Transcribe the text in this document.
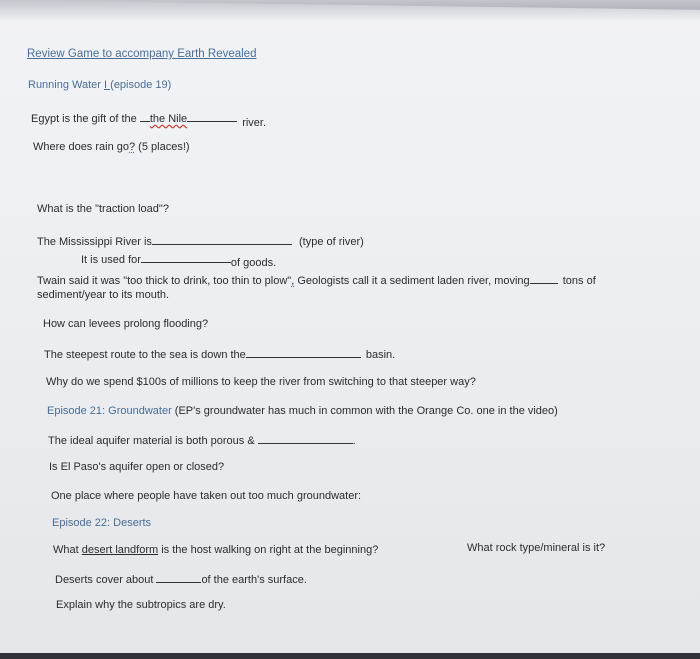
Review Game to accompany Earth Revealed
Running Water I (episode 19)
Egypt is the gift of the the Nile	river.
Where does rain go? (5 places!)
What is the "traction load"?
The Mississippi River is	(type of river)
It is used for	of goods.
Twain said it was "too thick to drink, too thin to plow", Geologists call it a sediment laden river, moving	tons of
sediment/year to its mouth.
How can levees prolong flooding?
The steepest route to the sea is down the	basin.
Why do we spend $100s of millions to keep the river from switching to that steeper way?
Episode 21: Groundwater (EP's groundwater has much in common with the Orange Co. one in the video)
The ideal aquifer material is both porous &	.
Is El Paso's aquifer open or closed?
One place where people have taken out too much groundwater:
Episode 22: Deserts
What desert landform is the host walking on right at the beginning?	What rock type/mineral is it?
Deserts cover about	of the earth's surface.
Explain why the subtropics are dry.
